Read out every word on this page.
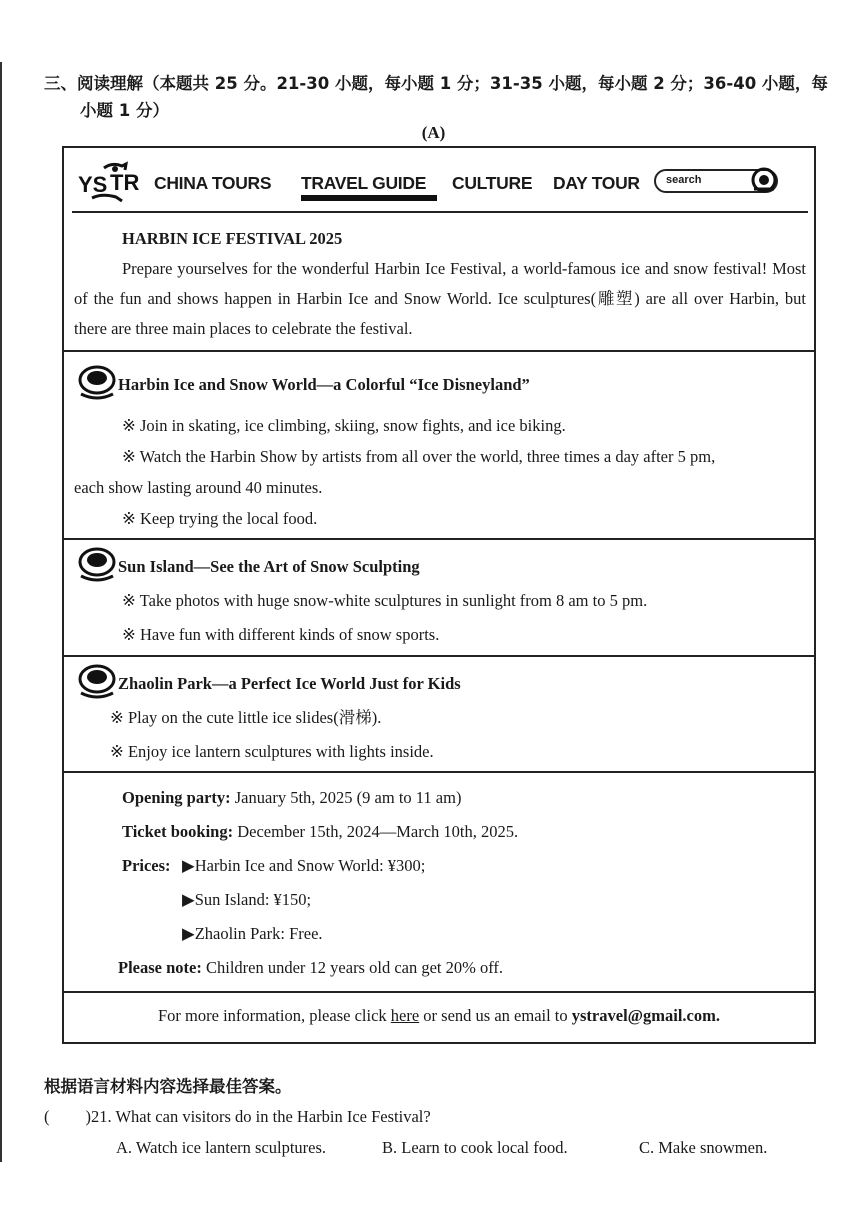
三、阅读理解（本题共 25 分。21-30 小题，每小题 1 分；31-35 小题，每小题 2 分；36-40 小题，每
小题 1 分）
(A)
YS TR CHINA TOURS TRAVEL GUIDE CULTURE DAY TOUR search
HARBIN ICE FESTIVAL 2025

Prepare yourselves for the wonderful Harbin Ice Festival, a world-famous ice and snow festival! Most of the fun and shows happen in Harbin Ice and Snow World. Ice sculptures(雕塑) are all over Harbin, but there are three main places to celebrate the festival.

Harbin Ice and Snow World—a Colorful “Ice Disneyland”
※ Join in skating, ice climbing, skiing, snow fights, and ice biking.
※ Watch the Harbin Show by artists from all over the world, three times a day after 5 pm,
each show lasting around 40 minutes.
※ Keep trying the local food.
Sun Island—See the Art of Snow Sculpting
※ Take photos with huge snow-white sculptures in sunlight from 8 am to 5 pm.
※ Have fun with different kinds of snow sports.
Zhaolin Park—a Perfect Ice World Just for Kids
※ Play on the cute little ice slides(滑梯).
※ Enjoy ice lantern sculptures with lights inside.
Opening party: January 5th, 2025 (9 am to 11 am)
Ticket booking: December 15th, 2024—March 10th, 2025.
Prices: ▶Harbin Ice and Snow World: ¥300;
▶Sun Island: ¥150;
▶Zhaolin Park: Free.
Please note: Children under 12 years old can get 20% off.
For more information, please click here or send us an email to ystravel@gmail.com.
根据语言材料内容选择最佳答案。
( )21. What can visitors do in the Harbin Ice Festival?
A. Watch ice lantern sculptures.	B. Learn to cook local food.	C. Make snowmen.
